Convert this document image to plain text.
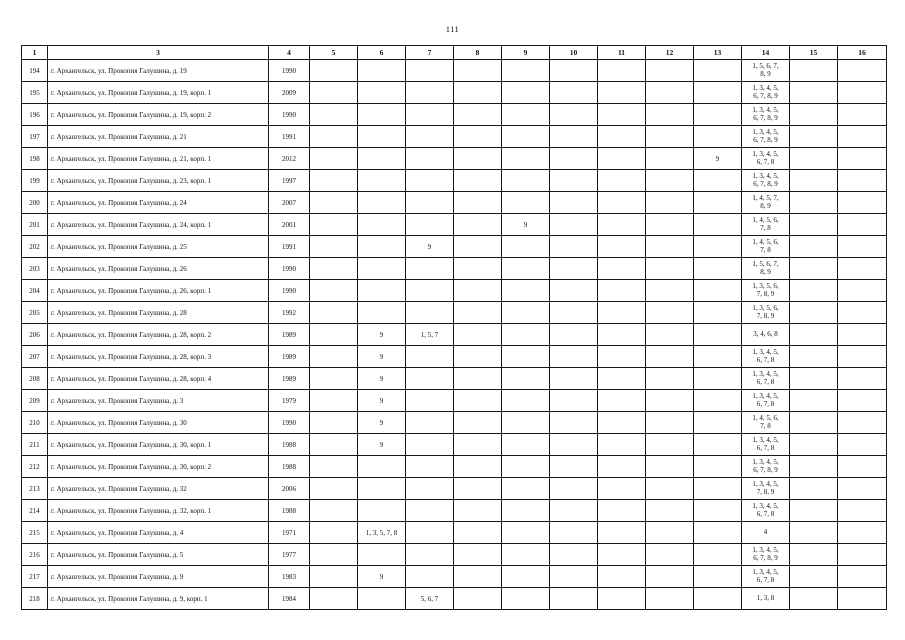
111
1	3	4	5	6	7	8	9	10	11	12	13	14	15	16
194	г. Архангельск, ул. Прокопия Галушина, д. 19	1990										1, 5, 6, 7, 8, 9		
195	г. Архангельск, ул. Прокопия Галушина, д. 19, корп. 1	2009										1, 3, 4, 5, 6, 7, 8, 9		
196	г. Архангельск, ул. Прокопия Галушина, д. 19, корп. 2	1990										1, 3, 4, 5, 6, 7, 8, 9		
197	г. Архангельск, ул. Прокопия Галушина, д. 21	1991										1, 3, 4, 5, 6, 7, 8, 9		
198	г. Архангельск, ул. Прокопия Галушина, д. 21, корп. 1	2012									9	1, 3, 4, 5, 6, 7, 8		
199	г. Архангельск, ул. Прокопия Галушина, д. 23, корп. 1	1997										1, 3, 4, 5, 6, 7, 8, 9		
200	г. Архангельск, ул. Прокопия Галушина, д. 24	2007										1, 4, 5, 7, 8, 9		
201	г. Архангельск, ул. Прокопия Галушина, д. 24, корп. 1	2001					9					1, 4, 5, 6, 7, 8		
202	г. Архангельск, ул. Прокопия Галушина, д. 25	1991			9							1, 4, 5, 6, 7, 8		
203	г. Архангельск, ул. Прокопия Галушина, д. 26	1990										1, 5, 6, 7, 8, 9		
204	г. Архангельск, ул. Прокопия Галушина, д. 26, корп. 1	1990										1, 3, 5, 6, 7, 8, 9		
205	г. Архангельск, ул. Прокопия Галушина, д. 28	1992										1, 3, 5, 6, 7, 8, 9		
206	г. Архангельск, ул. Прокопия Галушина, д. 28, корп. 2	1989		9	1, 5, 7							3, 4, 6, 8		
207	г. Архангельск, ул. Прокопия Галушина, д. 28, корп. 3	1989		9								1, 3, 4, 5, 6, 7, 8		
208	г. Архангельск, ул. Прокопия Галушина, д. 28, корп. 4	1989		9								1, 3, 4, 5, 6, 7, 8		
209	г. Архангельск, ул. Прокопия Галушина, д. 3	1979		9								1, 3, 4, 5, 6, 7, 8		
210	г. Архангельск, ул. Прокопия Галушина, д. 30	1990		9								1, 4, 5, 6, 7, 8		
211	г. Архангельск, ул. Прокопия Галушина, д. 30, корп. 1	1988		9								1, 3, 4, 5, 6, 7, 8		
212	г. Архангельск, ул. Прокопия Галушина, д. 30, корп. 2	1988										1, 3, 4, 5, 6, 7, 8, 9		
213	г. Архангельск, ул. Прокопия Галушина, д. 32	2006										1, 3, 4, 5, 7, 8, 9		
214	г. Архангельск, ул. Прокопия Галушина, д. 32, корп. 1	1988										1, 3, 4, 5, 6, 7, 8		
215	г. Архангельск, ул. Прокопия Галушина, д. 4	1971		1, 3, 5, 7, 8								4		
216	г. Архангельск, ул. Прокопия Галушина, д. 5	1977										1, 3, 4, 5, 6, 7, 8, 9		
217	г. Архангельск, ул. Прокопия Галушина, д. 9	1983		9								1, 3, 4, 5, 6, 7, 8		
218	г. Архангельск, ул. Прокопия Галушина, д. 9, корп. 1	1984			5, 6, 7							1, 3, 8		
